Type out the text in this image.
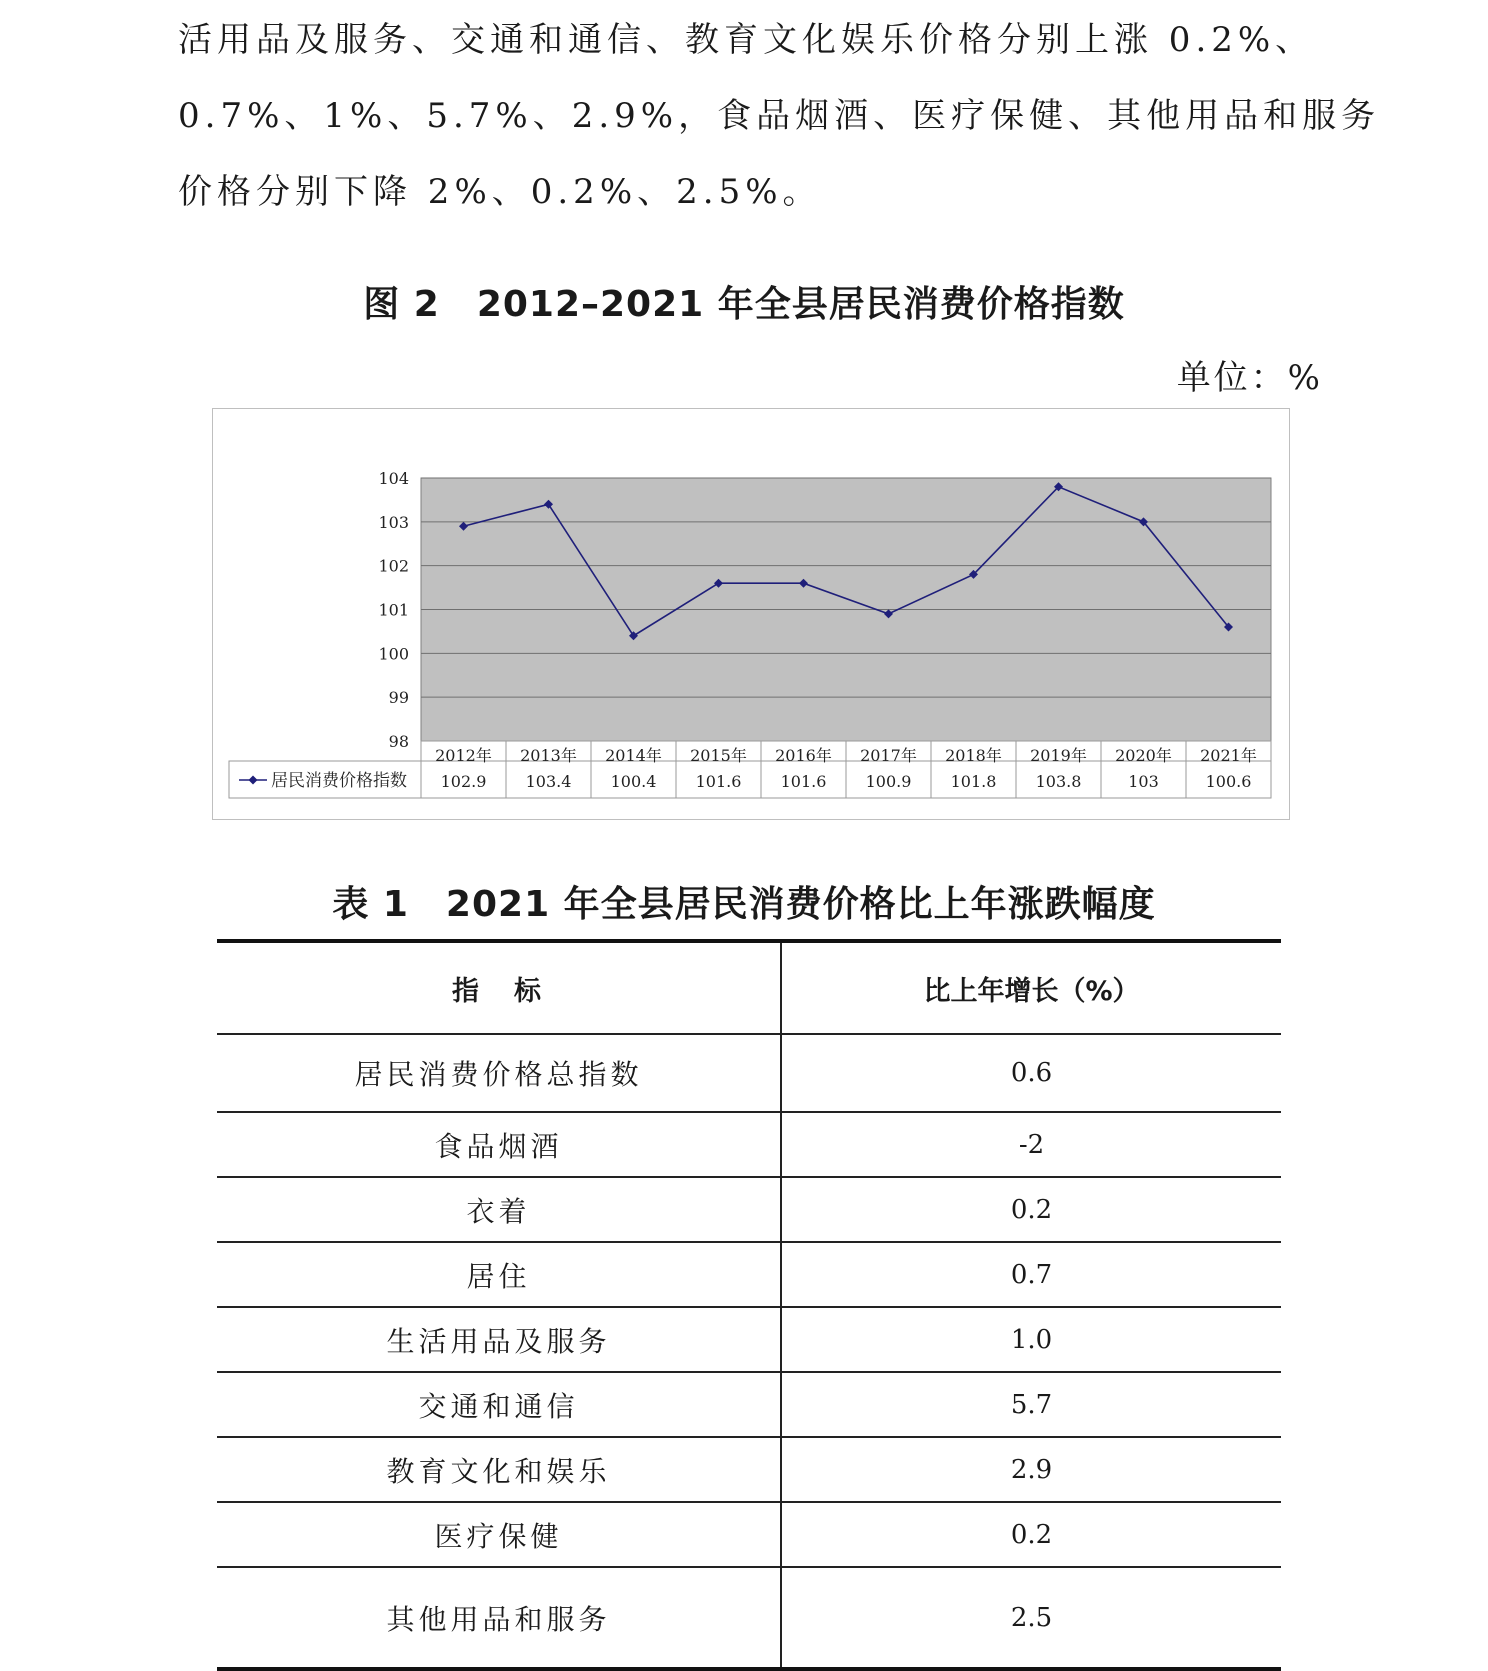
活用品及服务、交通和通信、教育文化娱乐价格分别上涨 0.2%、
0.7%、1%、5.7%、2.9%，食品烟酒、医疗保健、其他用品和服务
价格分别下降 2%、0.2%、2.5%。
图 2　2012–2021 年全县居民消费价格指数
单位：%
98
99
100
101
102
103
104
2012年 2013年 2014年 2015年 2016年 2017年 2018年 2019年 2020年 2021年
102.9 103.4 100.4 101.6 101.6 100.9 101.8 103.8	103	100.6
居民消费价格指数
表 1　2021 年全县居民消费价格比上年涨跌幅度
指　标	比上年增长（%）
居民消费价格总指数	0.6
食品烟酒	-2
衣着	0.2
居住	0.7
生活用品及服务	1.0
交通和通信	5.7
教育文化和娱乐	2.9
医疗保健	0.2
其他用品和服务	2.5
